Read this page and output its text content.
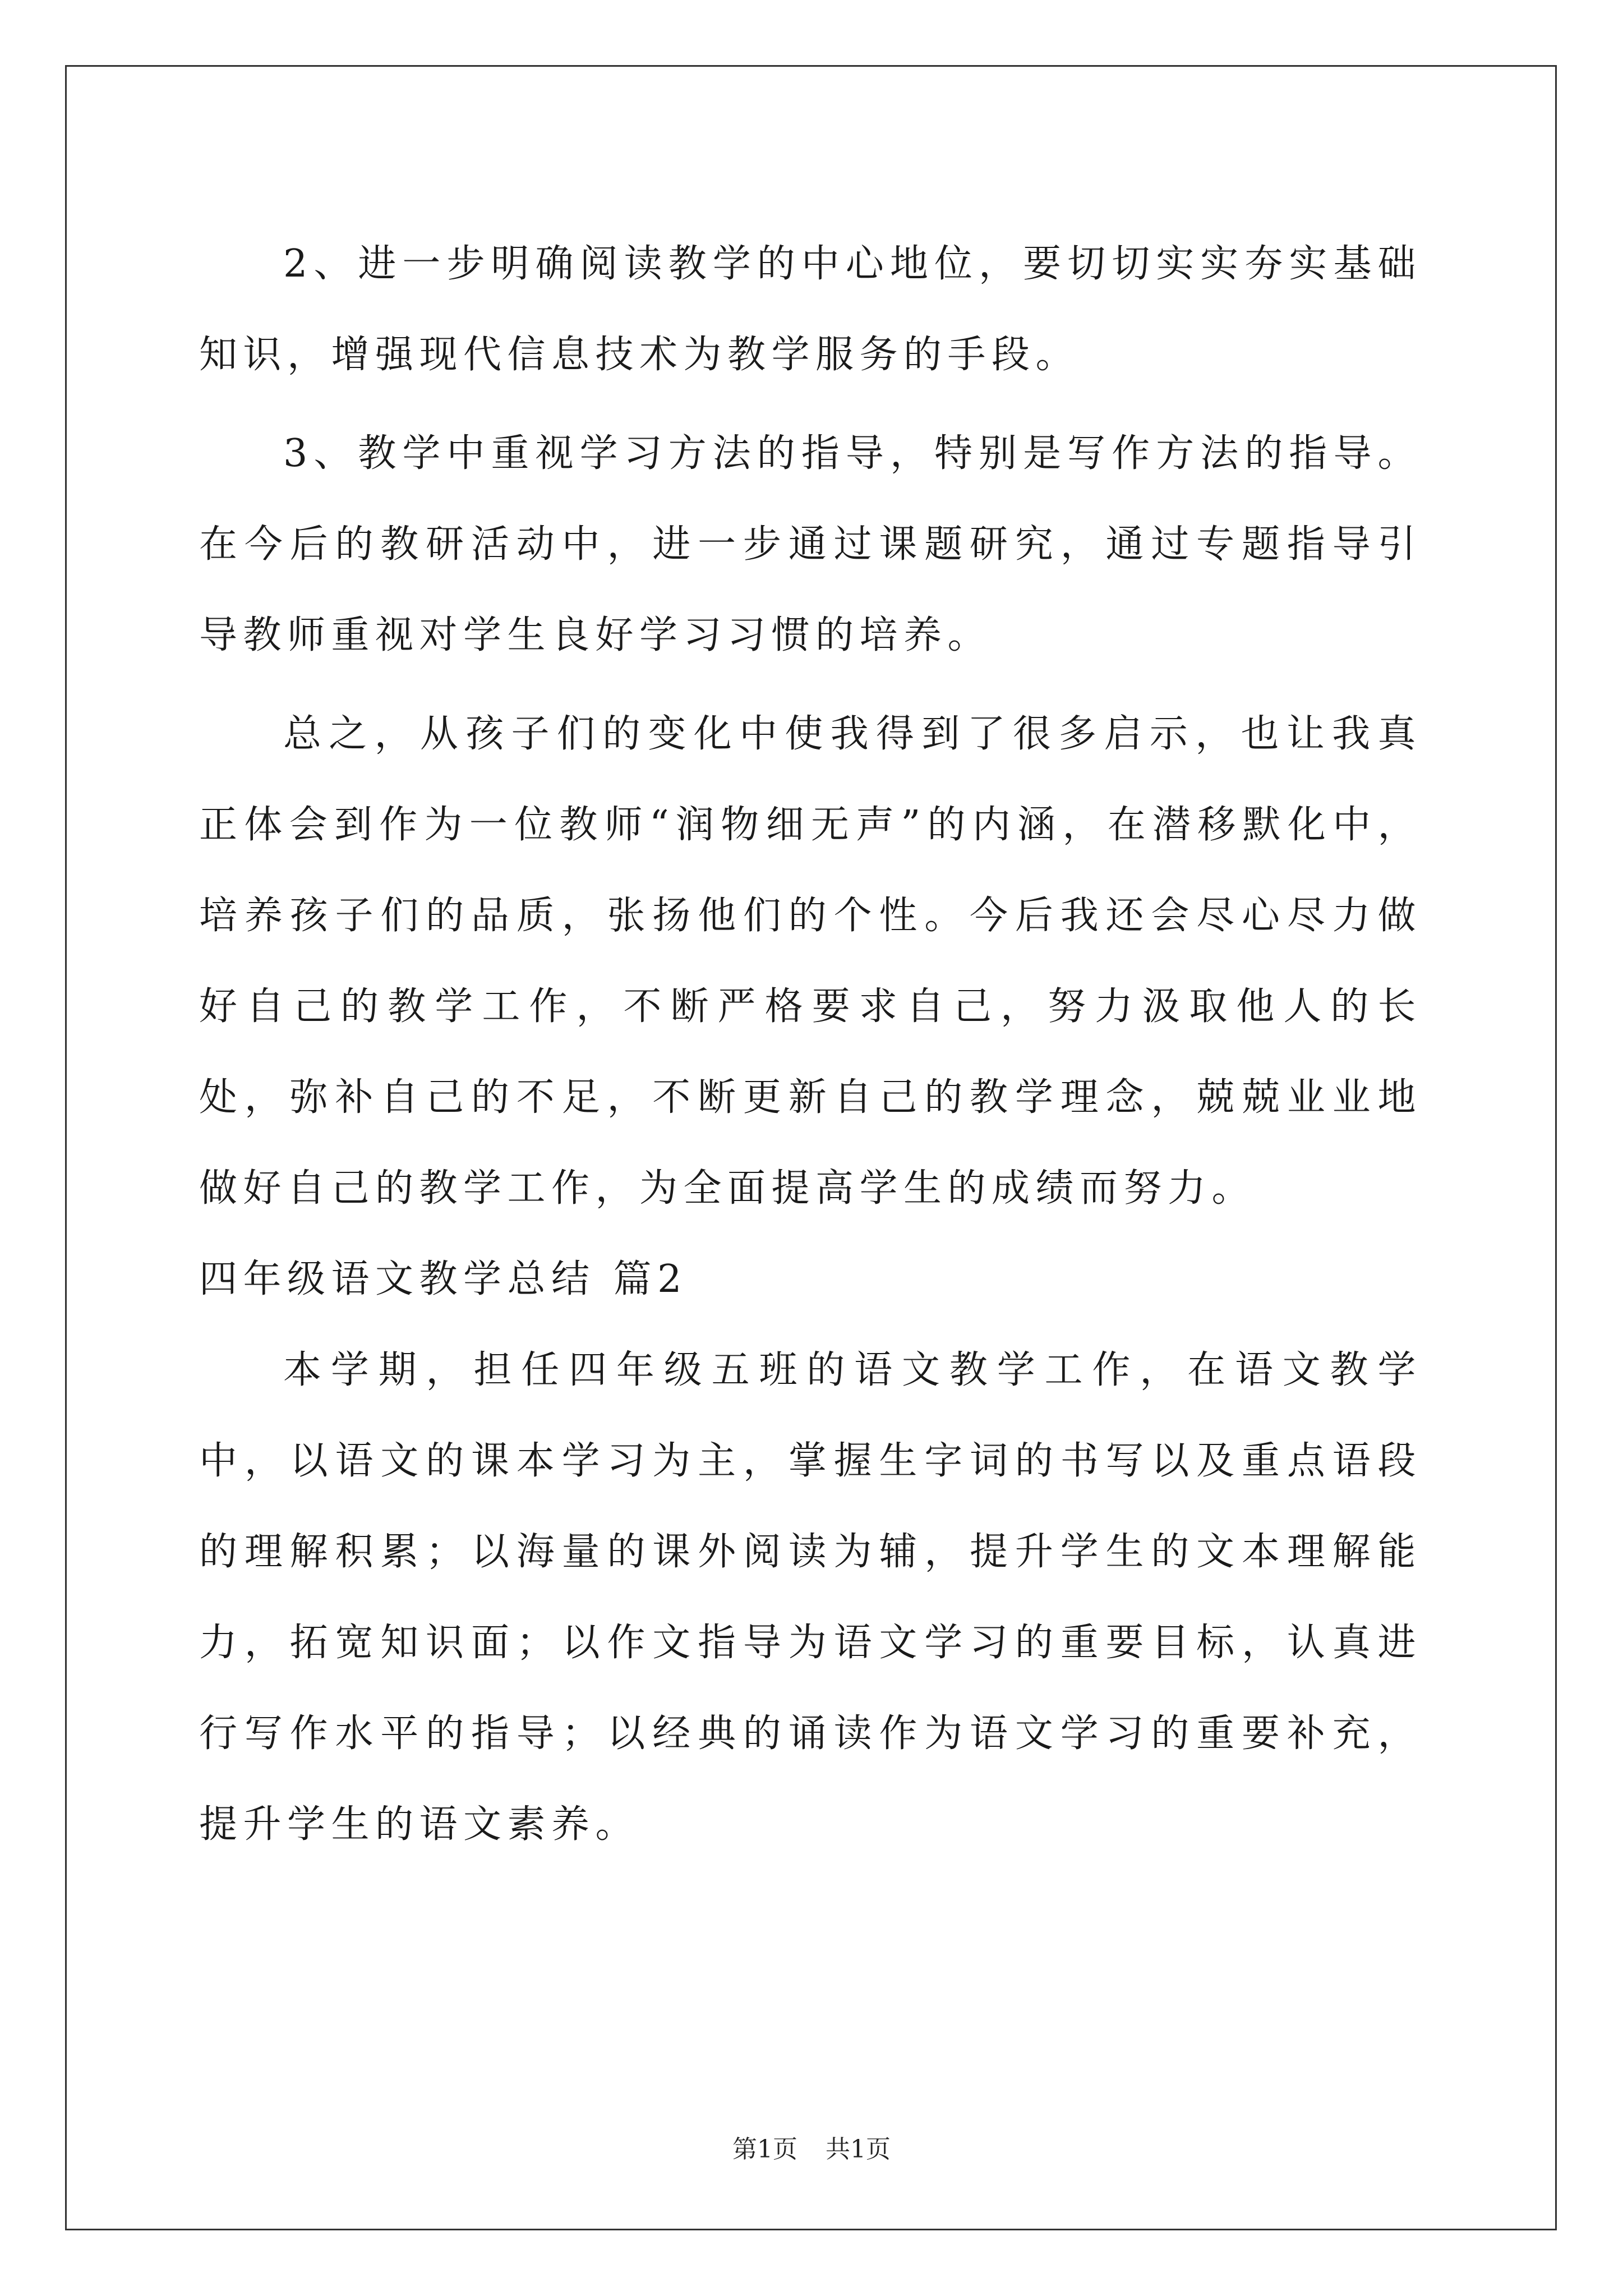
2、进一步明确阅读教学的中心地位，要切切实实夯实基础知识，增强现代信息技术为教学服务的手段。

3、教学中重视学习方法的指导，特别是写作方法的指导。在今后的教研活动中，进一步通过课题研究，通过专题指导引导教师重视对学生良好学习习惯的培养。

总之，从孩子们的变化中使我得到了很多启示，也让我真正体会到作为一位教师“润物细无声”的内涵，在潜移默化中，培养孩子们的品质，张扬他们的个性。今后我还会尽心尽力做好自己的教学工作，不断严格要求自己，努力汲取他人的长处，弥补自己的不足，不断更新自己的教学理念，兢兢业业地做好自己的教学工作，为全面提高学生的成绩而努力。

四年级语文教学总结 篇2

本学期，担任四年级五班的语文教学工作，在语文教学中，以语文的课本学习为主，掌握生字词的书写以及重点语段的理解积累；以海量的课外阅读为辅，提升学生的文本理解能力，拓宽知识面；以作文指导为语文学习的重要目标，认真进行写作水平的指导；以经典的诵读作为语文学习的重要补充，提升学生的语文素养。

第1页 共1页
